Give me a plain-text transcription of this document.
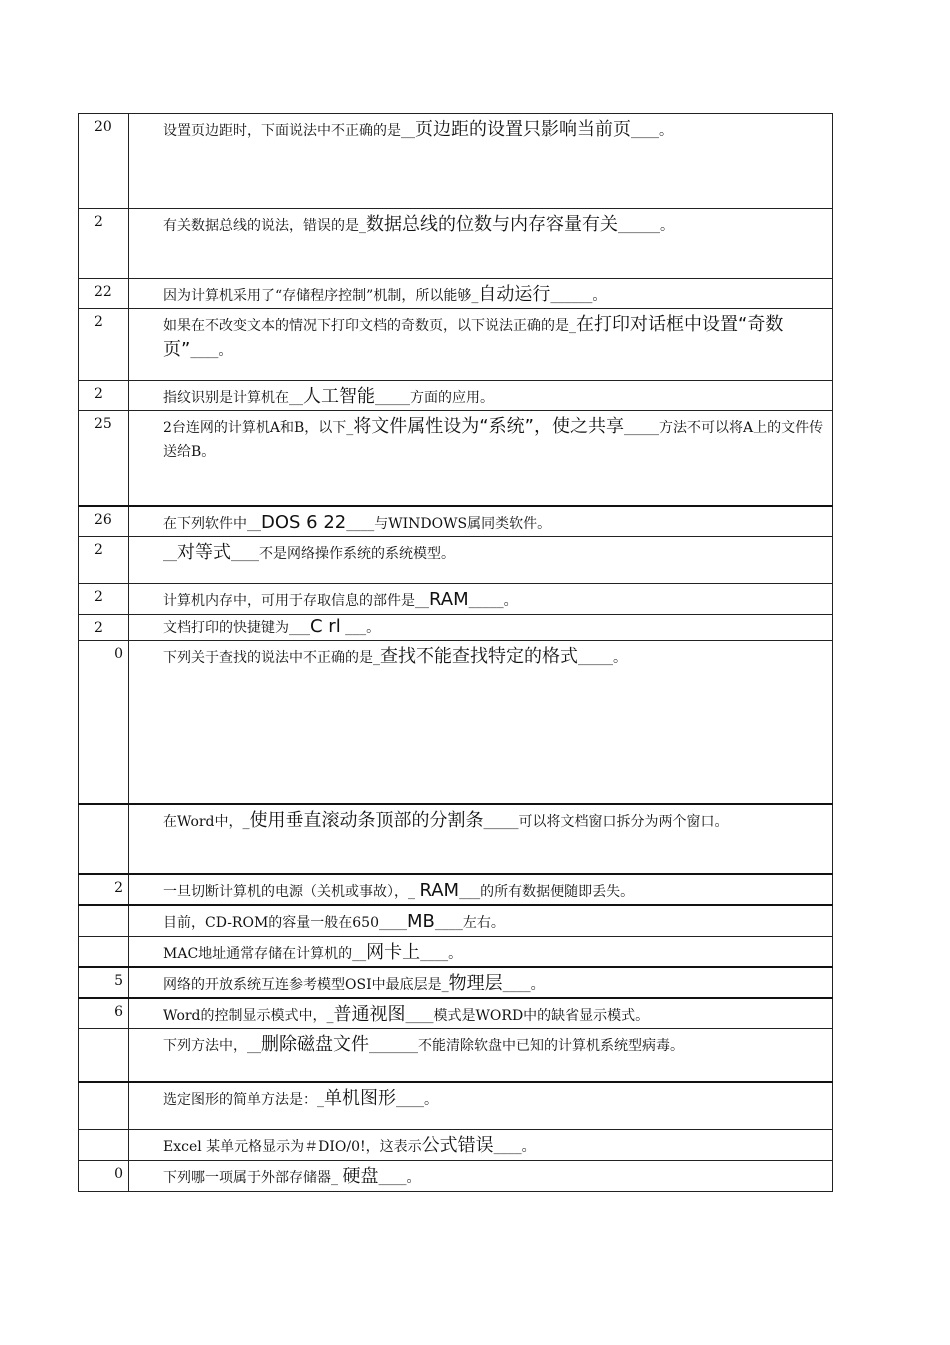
20	设置页边距时，下面说法中不正确的是__页边距的设置只影响当前页____。
2	有关数据总线的说法，错误的是_数据总线的位数与内存容量有关______。
22	因为计算机采用了“存储程序控制”机制，所以能够_自动运行______。
2	如果在不改变文本的情况下打印文档的奇数页，以下说法正确的是_在打印对话框中设置“奇数页”____。
2	指纹识别是计算机在__人工智能_____方面的应用。
25	2台连网的计算机A和B，以下_将文件属性设为“系统”，使之共享_____方法不可以将A上的文件传送给B。
26	在下列软件中__DOS 6 22____与WINDOWS属同类软件。
2	__对等式____不是网络操作系统的系统模型。
2	计算机内存中，可用于存取信息的部件是__RAM_____。
2	文档打印的快捷键为___C rl ___。
0	下列关于查找的说法中不正确的是_查找不能查找特定的格式_____。
	在Word中，_使用垂直滚动条顶部的分割条_____可以将文档窗口拆分为两个窗口。
2	一旦切断计算机的电源（关机或事故），_ RAM___的所有数据便随即丢失。
	目前，CD-ROM的容量一般在650____MB____左右。
	MAC地址通常存储在计算机的__网卡上____。
5	网络的开放系统互连参考模型OSI中最底层是_物理层____。
6	Word的控制显示模式中，_普通视图____模式是WORD中的缺省显示模式。
	下列方法中，__删除磁盘文件_______不能清除软盘中已知的计算机系统型病毒。
	选定图形的简单方法是：_单机图形____。
	Excel 某单元格显示为＃DIO/0!，这表示公式错误____。
0	下列哪一项属于外部存储器_ 硬盘____。
